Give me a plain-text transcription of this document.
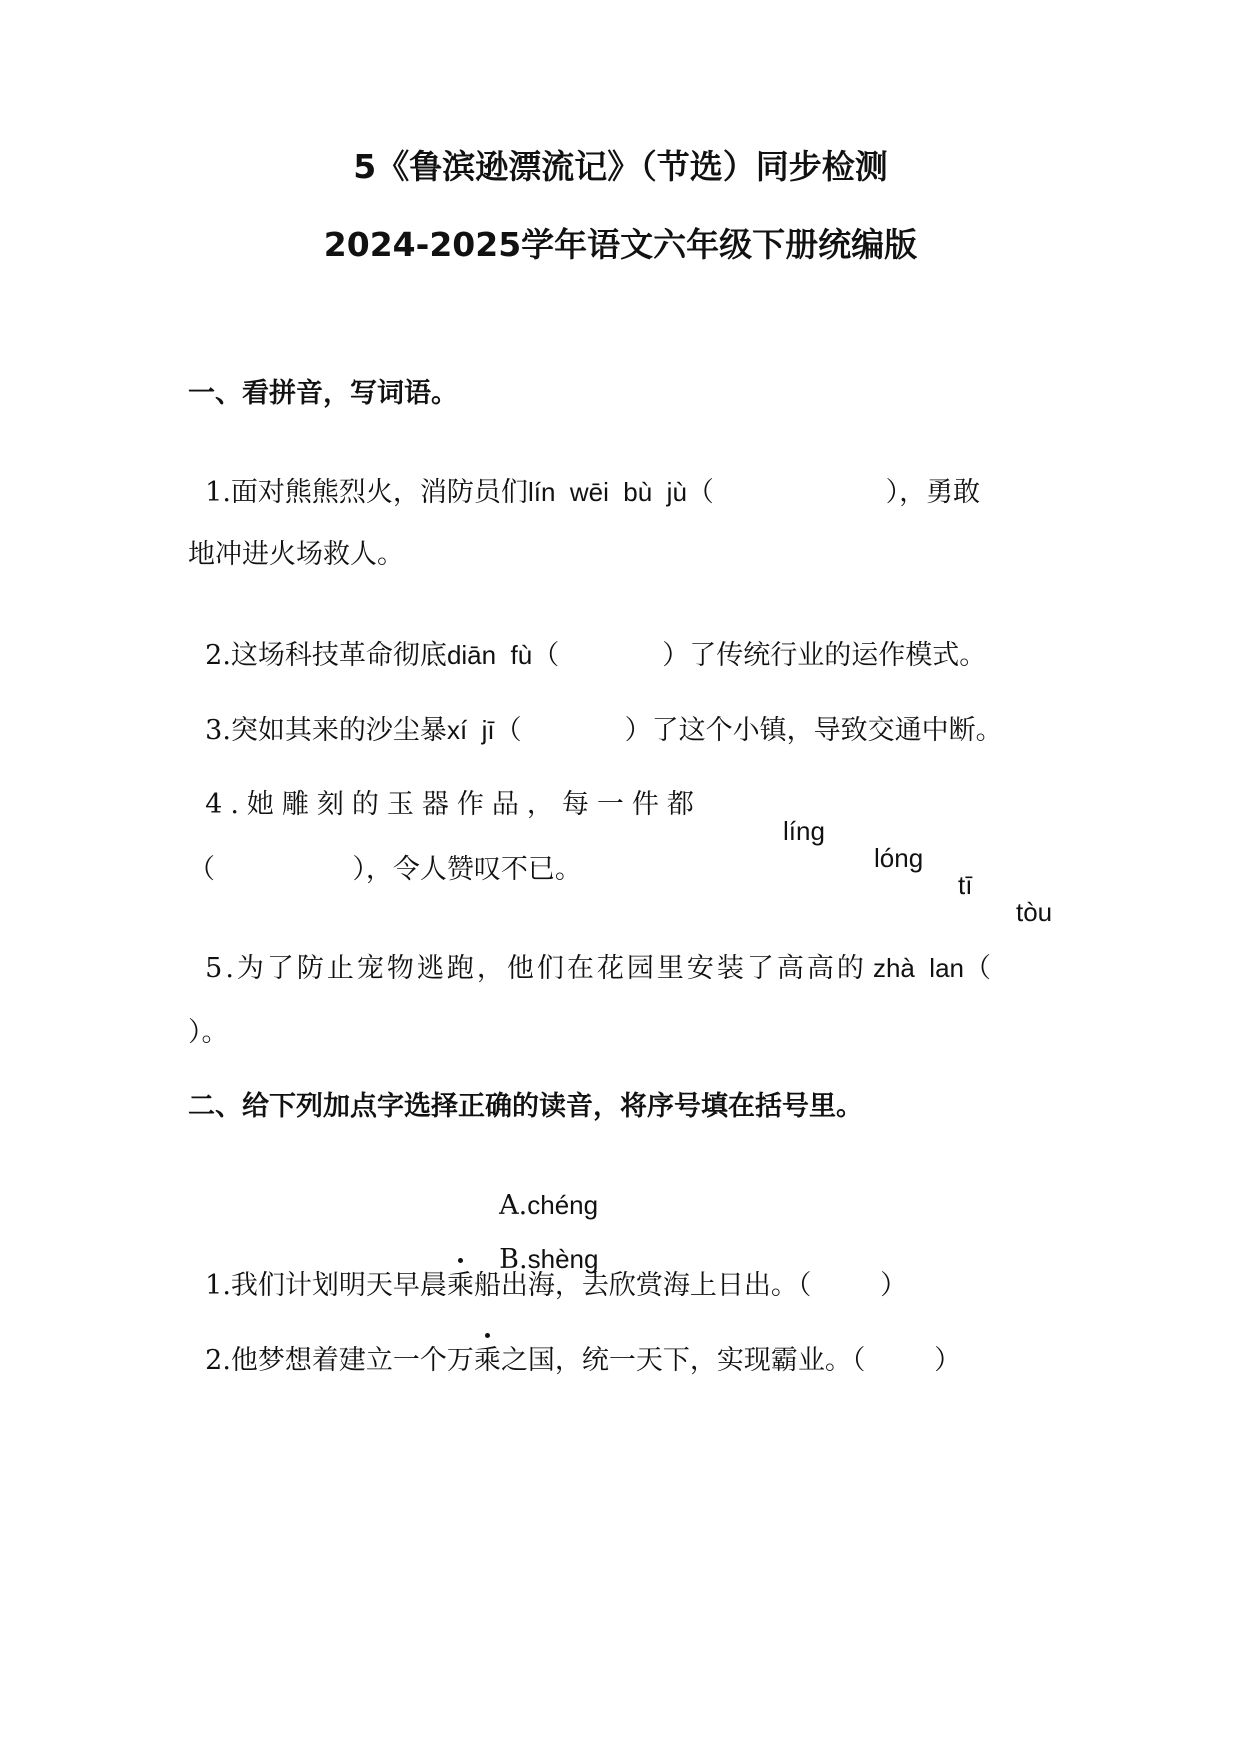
5《鲁滨逊漂流记》（节选）同步检测
2024-2025学年语文六年级下册统编版
一、看拼音，写词语。

1.面对熊熊烈火，消防员们lín  wēi  bù  jù（                    ），勇敢

地冲进火场救人。

2.这场科技革命彻底diān  fù（            ）了传统行业的运作模式。

3.突如其来的沙尘暴xí  jī（            ）了这个小镇，导致交通中断。

4.她雕刻的玉器作品，每一件都

líng

lóng

tī

tòu

（                ），令人赞叹不已。

5.为了防止宠物逃跑，他们在花园里安装了高高的 zhà  lan（

）。
二、给下列加点字选择正确的读音，将序号填在括号里。

A.chéng

B.shèng

1.我们计划明天早晨乘船出海，去欣赏海上日出。（        ）

2.他梦想着建立一个万乘之国，统一天下，实现霸业。（        ）
